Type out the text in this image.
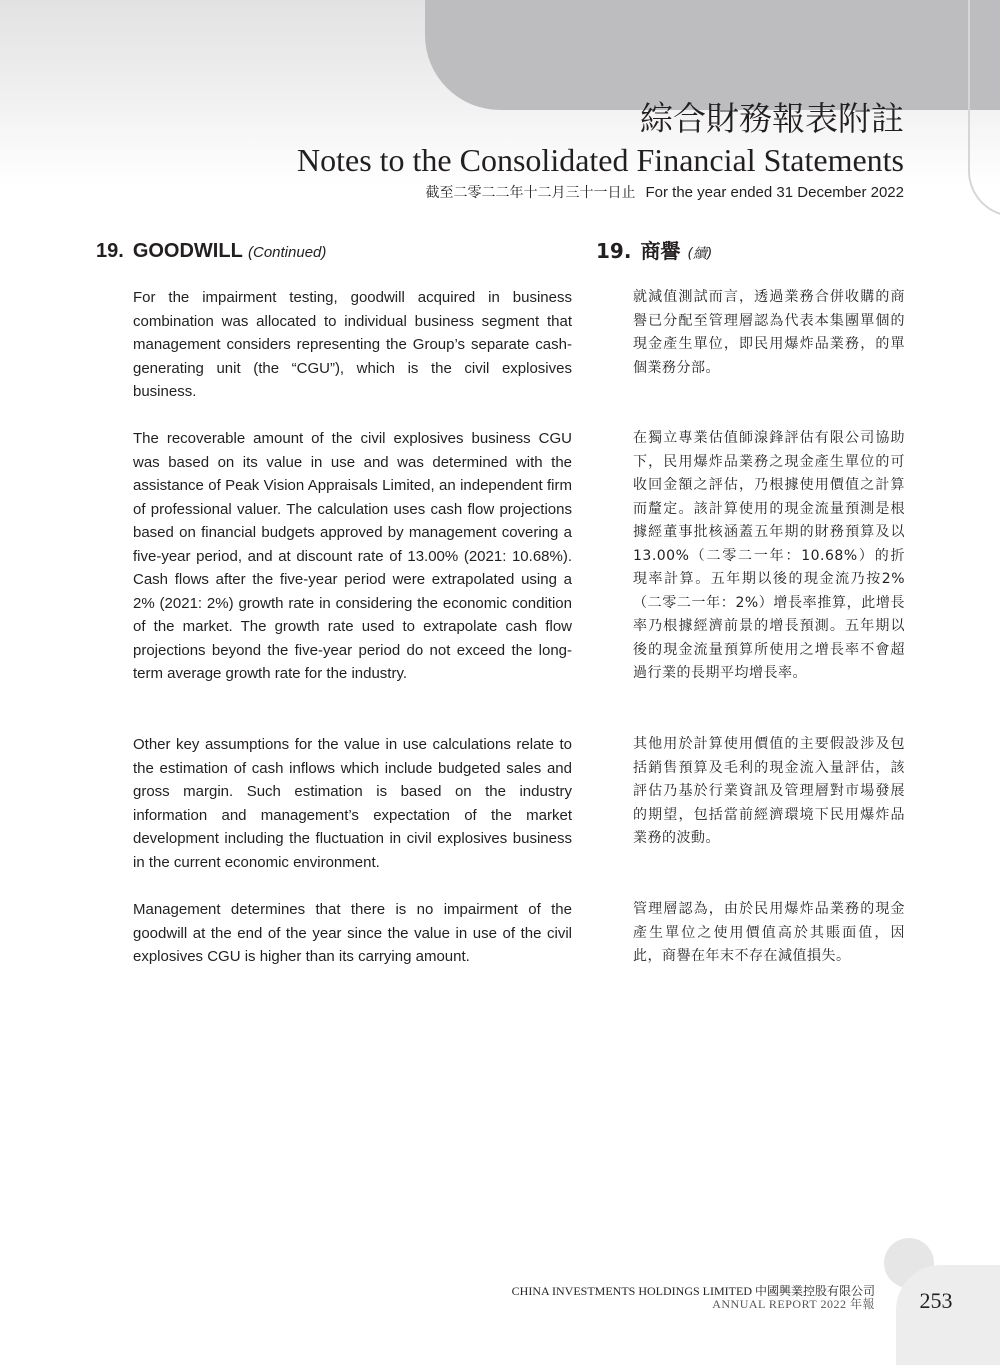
綜合財務報表附註
Notes to the Consolidated Financial Statements
截至二零二二年十二月三十一日止 For the year ended 31 December 2022
19. GOODWILL (Continued)

For the impairment testing, goodwill acquired in business combination was allocated to individual business segment that management considers representing the Group’s separate cash-generating unit (the “CGU”), which is the civil explosives business.

The recoverable amount of the civil explosives business CGU was based on its value in use and was determined with the assistance of Peak Vision Appraisals Limited, an independent firm of professional valuer. The calculation uses cash flow projections based on financial budgets approved by management covering a five-year period, and at discount rate of 13.00% (2021: 10.68%). Cash flows after the five-year period were extrapolated using a 2% (2021: 2%) growth rate in considering the economic condition of the market. The growth rate used to extrapolate cash flow projections beyond the five-year period do not exceed the long-term average growth rate for the industry.

Other key assumptions for the value in use calculations relate to the estimation of cash inflows which include budgeted sales and gross margin. Such estimation is based on the industry information and management’s expectation of the market development including the fluctuation in civil explosives business in the current economic environment.

Management determines that there is no impairment of the goodwill at the end of the year since the value in use of the civil explosives CGU is higher than its carrying amount.

19. 商譽 (續)

就減值測試而言，透過業務合併收購的商譽已分配至管理層認為代表本集團單個的現金產生單位，即民用爆炸品業務，的單個業務分部。

在獨立專業估值師湶鋒評估有限公司協助下，民用爆炸品業務之現金產生單位的可收回金額之評估，乃根據使用價值之計算而釐定。該計算使用的現金流量預測是根據經董事批核涵蓋五年期的財務預算及以13.00%（二零二一年：10.68%）的折現率計算。五年期以後的現金流乃按2%（二零二一年：2%）增長率推算，此增長率乃根據經濟前景的增長預測。五年期以後的現金流量預算所使用之增長率不會超過行業的長期平均增長率。

其他用於計算使用價值的主要假設涉及包括銷售預算及毛利的現金流入量評估，該評估乃基於行業資訊及管理層對市場發展的期望，包括當前經濟環境下民用爆炸品業務的波動。

管理層認為，由於民用爆炸品業務的現金產生單位之使用價值高於其賬面值，因此，商譽在年末不存在減值損失。

CHINA INVESTMENTS HOLDINGS LIMITED 中國興業控股有限公司
ANNUAL REPORT 2022 年報	253
